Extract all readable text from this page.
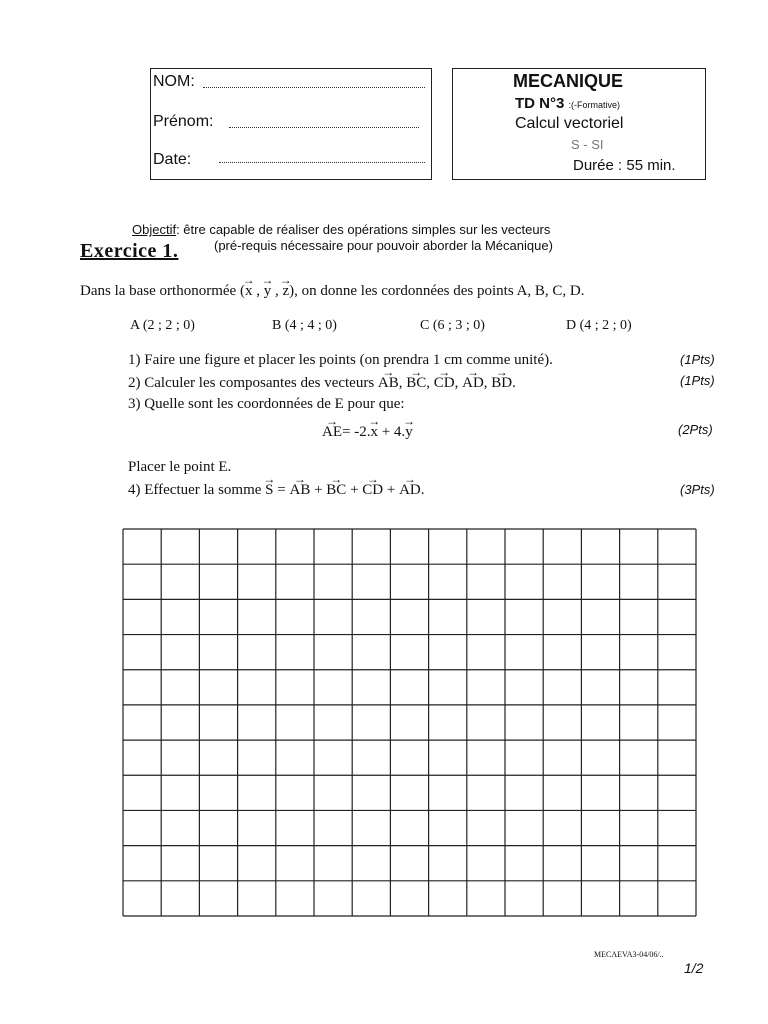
NOM:
Prénom:
Date:
MECANIQUE
TD N°3 :(-Formative)
Calcul vectoriel
S - SI
Durée : 55 min.
Objectif: être capable de réaliser des opérations simples sur les vecteurs
Exercice 1.	(pré-requis nécessaire pour pouvoir aborder la Mécanique)
Dans la base orthonormée (→ x , → y , → z), on donne les cordonnées des points A, B, C, D.
A (2 ; 2 ; 0)	B (4 ; 4 ; 0)	C (6 ; 3 ; 0)	D (4 ; 2 ; 0)
1) Faire une figure et placer les points (on prendra 1 cm comme unité).	(1Pts)
2) Calculer les composantes des vecteurs → AB, → BC, → CD, → AD, → BD.	(1Pts)
3) Quelle sont les coordonnées de E pour que:
→ AE= -2.→ x + 4.→ y	(2Pts)
Placer le point E.
4) Effectuer la somme → S = → AB + → BC + → CD + → AD.	(3Pts)
MECAEVA3-04/06/..
1/2
